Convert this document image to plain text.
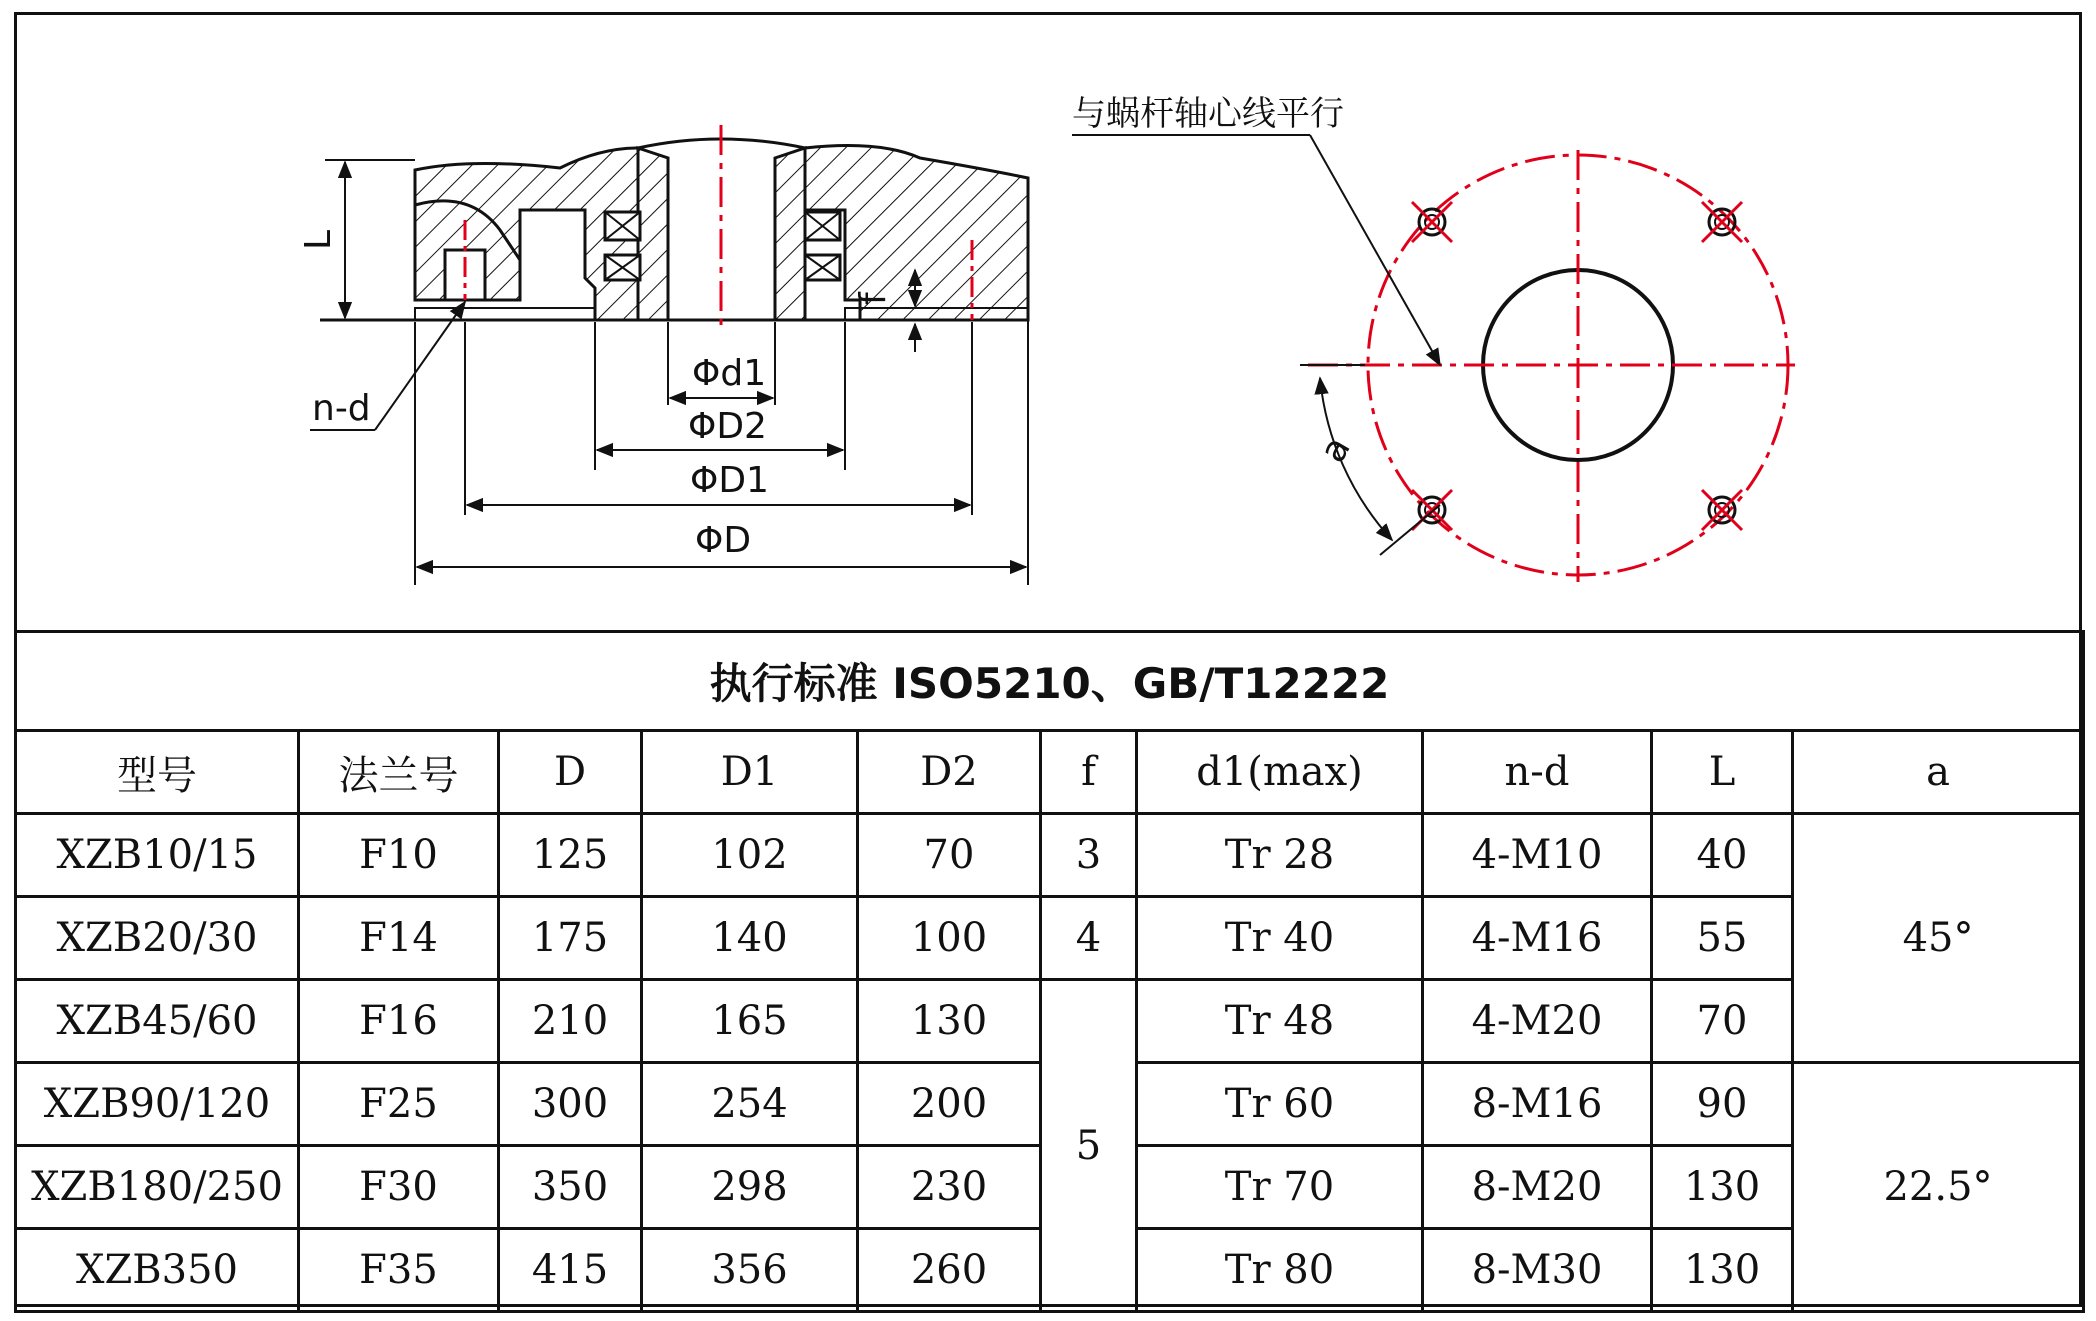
L
f
n-d
Φd1
ΦD2
ΦD1
ΦD
与蜗杆轴心线平行
a
执行标准 ISO5210、GB/T12222									
型号	法兰号	D	D1	D2	f	d1(max)	n-d	L	a
XZB10/15	F10	125	102	70	3	Tr 28	4-M10	40	45°
XZB20/30	F14	175	140	100	4	Tr 40	4-M16	55	
XZB45/60	F16	210	165	130	5	Tr 48	4-M20	70	
XZB90/120	F25	300	254	200		Tr 60	8-M16	90	22.5°
XZB180/250	F30	350	298	230		Tr 70	8-M20	130	
XZB350	F35	415	356	260		Tr 80	8-M30	130	
